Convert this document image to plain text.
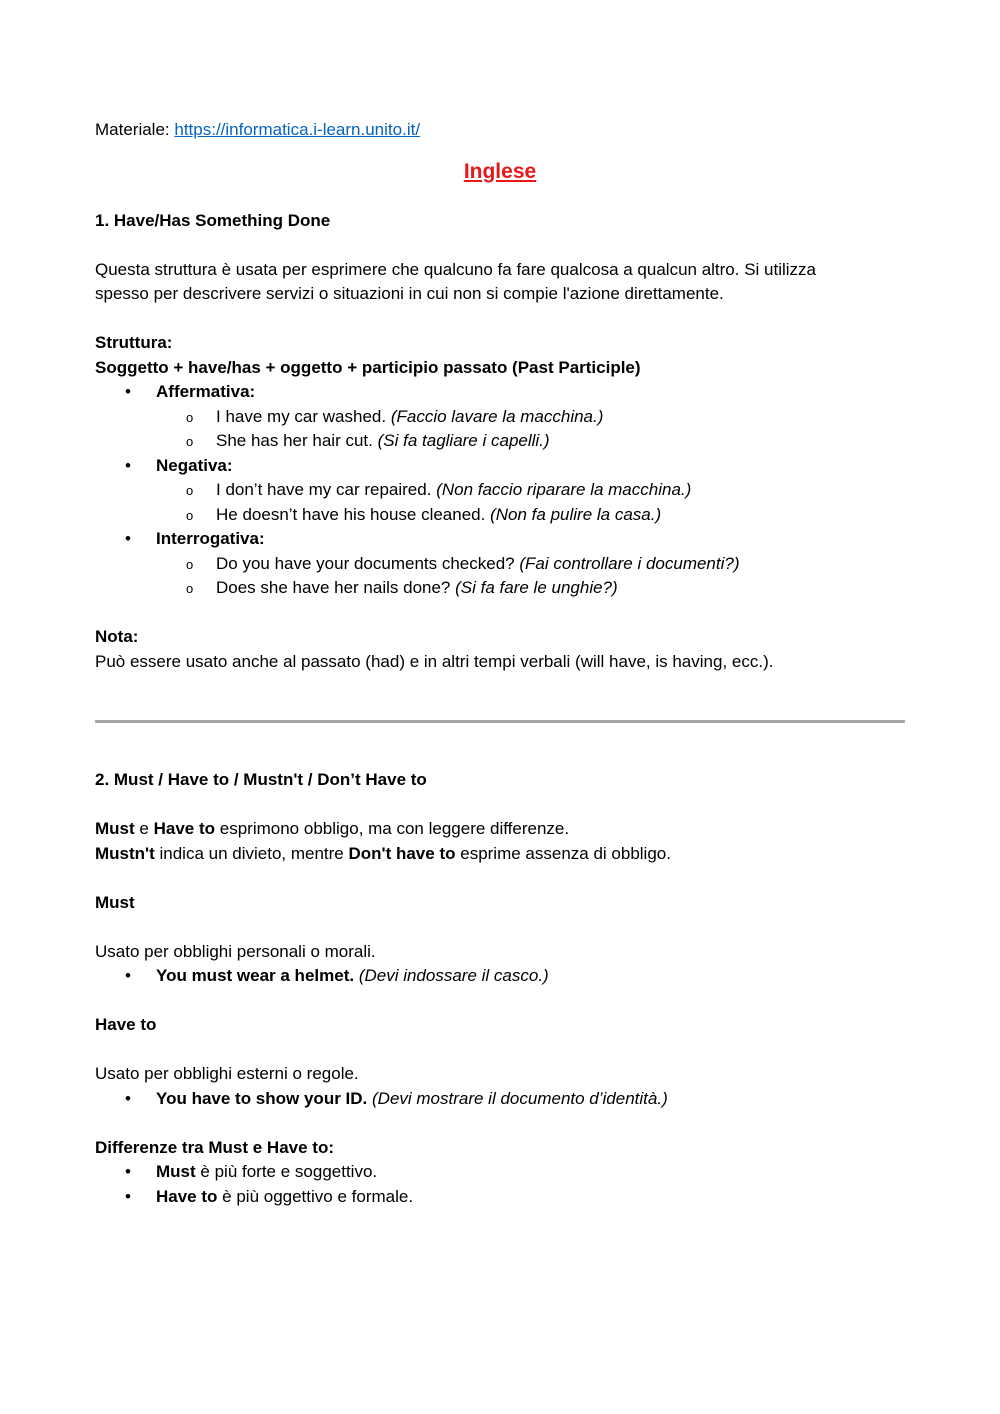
Materiale: https://informatica.i-learn.unito.it/

Inglese

1. Have/Has Something Done

Questa struttura è usata per esprimere che qualcuno fa fare qualcosa a qualcun altro. Si utilizza

spesso per descrivere servizi o situazioni in cui non si compie l'azione direttamente.

Struttura:

Soggetto + have/has + oggetto + participio passato (Past Participle)

• Affermativa:
o I have my car washed. (Faccio lavare la macchina.)
o She has her hair cut. (Si fa tagliare i capelli.)
• Negativa:
o I don’t have my car repaired. (Non faccio riparare la macchina.)
o He doesn’t have his house cleaned. (Non fa pulire la casa.)
• Interrogativa:
o Do you have your documents checked? (Fai controllare i documenti?)
o Does she have her nails done? (Si fa fare le unghie?)

Nota:

Può essere usato anche al passato (had) e in altri tempi verbali (will have, is having, ecc.).

2. Must / Have to / Mustn't / Don’t Have to

Must e Have to esprimono obbligo, ma con leggere differenze.

Mustn't indica un divieto, mentre Don't have to esprime assenza di obbligo.

Must

Usato per obblighi personali o morali.

• You must wear a helmet. (Devi indossare il casco.)

Have to

Usato per obblighi esterni o regole.

• You have to show your ID. (Devi mostrare il documento d’identità.)

Differenze tra Must e Have to:

• Must è più forte e soggettivo.
• Have to è più oggettivo e formale.
